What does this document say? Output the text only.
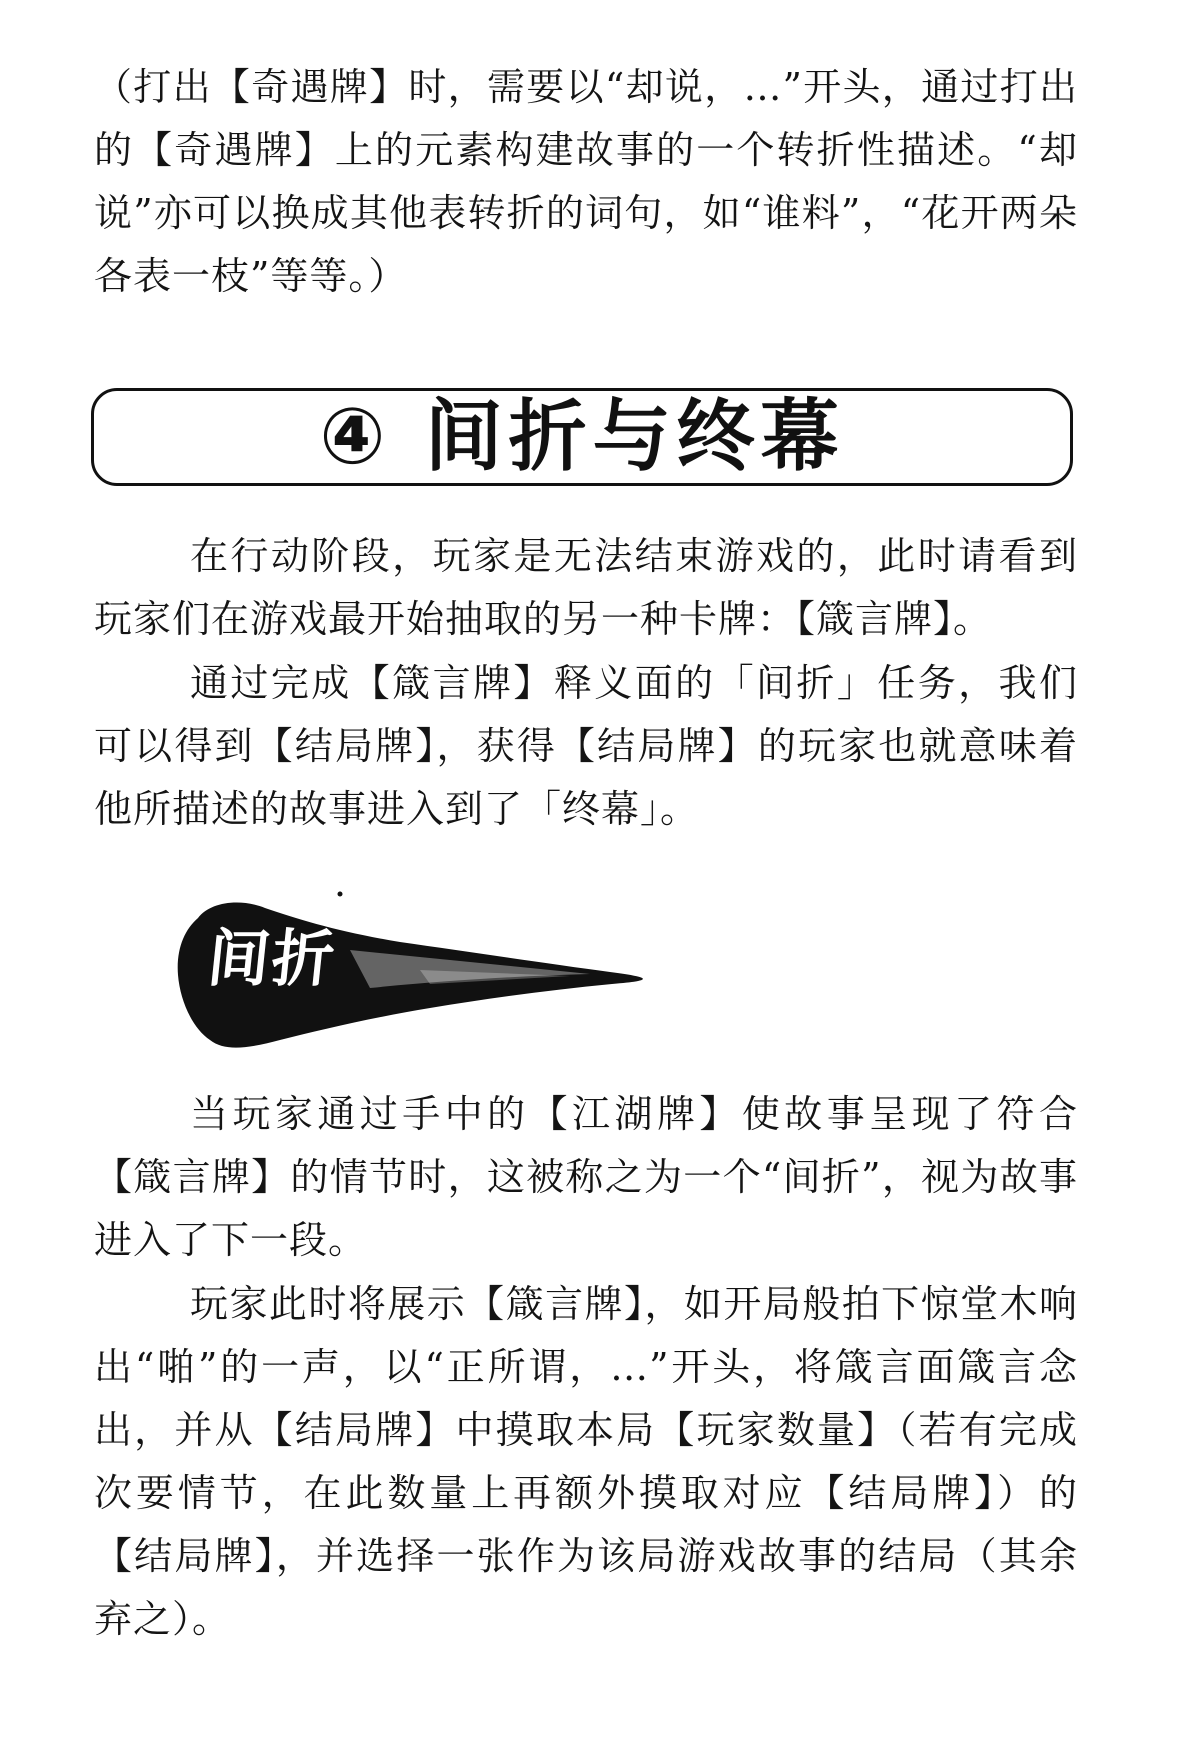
（打出【奇遇牌】时，需要以“却说，…”开头，通过打出的【奇遇牌】上的元素构建故事的一个转折性描述。“却说”亦可以换成其他表转折的词句，如“谁料”，“花开两朵各表一枝”等等。）

④ 间折与终幕

在行动阶段，玩家是无法结束游戏的，此时请看到玩家们在游戏最开始抽取的另一种卡牌：【箴言牌】。

通过完成【箴言牌】释义面的「间折」任务，我们可以得到【结局牌】，获得【结局牌】的玩家也就意味着他所描述的故事进入到了「终幕」。

间折

当玩家通过手中的【江湖牌】使故事呈现了符合【箴言牌】的情节时，这被称之为一个“间折”，视为故事进入了下一段。

玩家此时将展示【箴言牌】，如开局般拍下惊堂木响出“啪”的一声，以“正所谓，…”开头，将箴言面箴言念出，并从【结局牌】中摸取本局【玩家数量】（若有完成次要情节，在此数量上再额外摸取对应【结局牌】）的【结局牌】，并选择一张作为该局游戏故事的结局（其余弃之）。
